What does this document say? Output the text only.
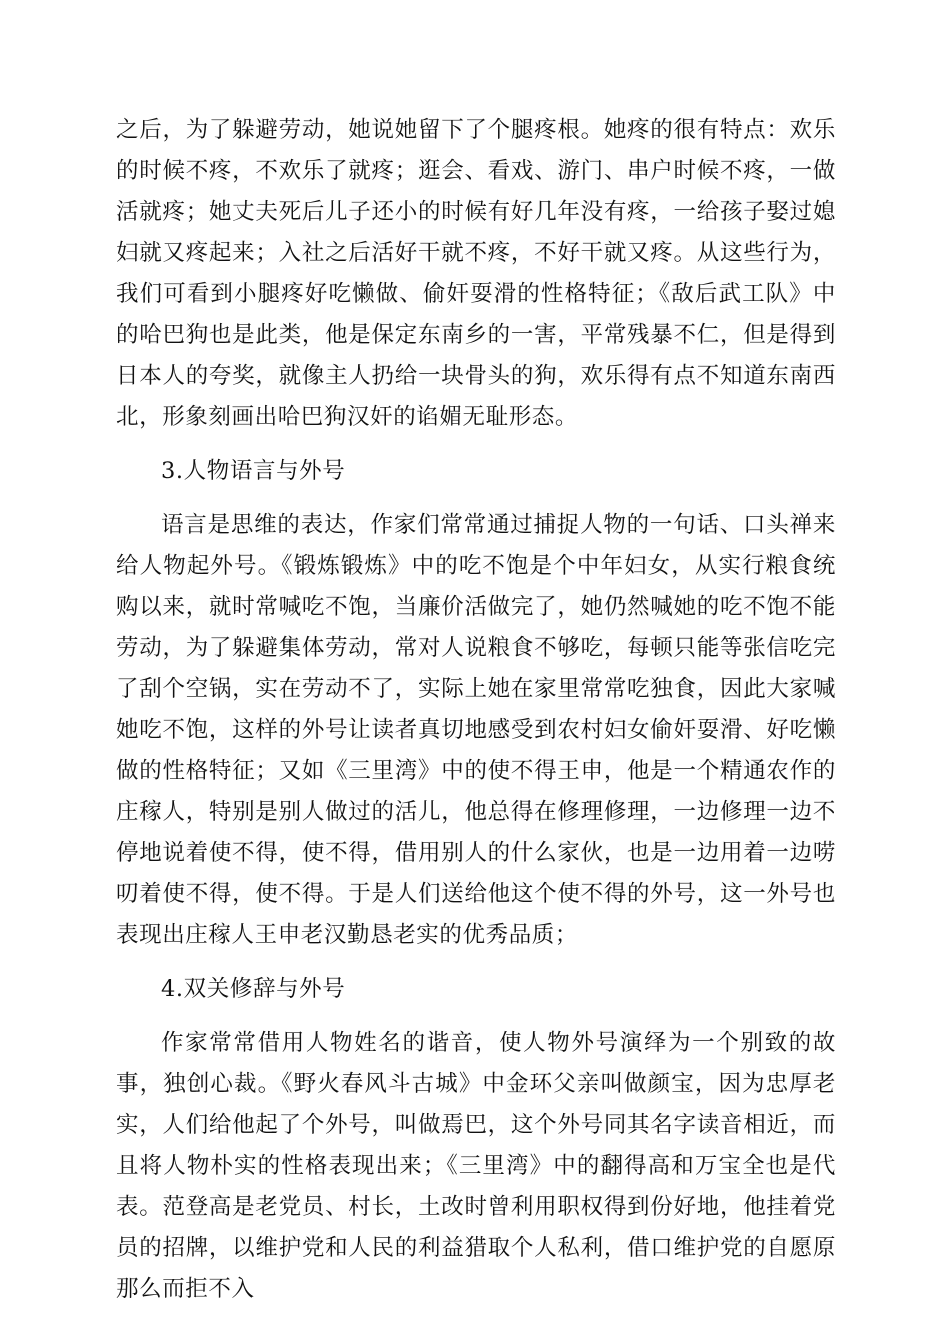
之后，为了躲避劳动，她说她留下了个腿疼根。她疼的很有特点：欢乐的时候不疼，不欢乐了就疼；逛会、看戏、游门、串户时候不疼，一做活就疼；她丈夫死后儿子还小的时候有好几年没有疼，一给孩子娶过媳妇就又疼起来；入社之后活好干就不疼，不好干就又疼。从这些行为，我们可看到小腿疼好吃懒做、偷奸耍滑的性格特征；《敌后武工队》中的哈巴狗也是此类，他是保定东南乡的一害，平常残暴不仁，但是得到日本人的夸奖，就像主人扔给一块骨头的狗，欢乐得有点不知道东南西北，形象刻画出哈巴狗汉奸的谄媚无耻形态。

3.人物语言与外号

语言是思维的表达，作家们常常通过捕捉人物的一句话、口头禅来给人物起外号。《锻炼锻炼》中的吃不饱是个中年妇女，从实行粮食统购以来，就时常喊吃不饱，当廉价活做完了，她仍然喊她的吃不饱不能劳动，为了躲避集体劳动，常对人说粮食不够吃，每顿只能等张信吃完了刮个空锅，实在劳动不了，实际上她在家里常常吃独食，因此大家喊她吃不饱，这样的外号让读者真切地感受到农村妇女偷奸耍滑、好吃懒做的性格特征；又如《三里湾》中的使不得王申，他是一个精通农作的庄稼人，特别是别人做过的活儿，他总得在修理修理，一边修理一边不停地说着使不得，使不得，借用别人的什么家伙，也是一边用着一边唠叨着使不得，使不得。于是人们送给他这个使不得的外号，这一外号也表现出庄稼人王申老汉勤恳老实的优秀品质；

4.双关修辞与外号

作家常常借用人物姓名的谐音，使人物外号演绎为一个别致的故事，独创心裁。《野火春风斗古城》中金环父亲叫做颜宝，因为忠厚老实，人们给他起了个外号，叫做焉巴，这个外号同其名字读音相近，而且将人物朴实的性格表现出来；《三里湾》中的翻得高和万宝全也是代表。范登高是老党员、村长，土改时曾利用职权得到份好地，他挂着党员的招牌，以维护党和人民的利益猎取个人私利，借口维护党的自愿原那么而拒不入
